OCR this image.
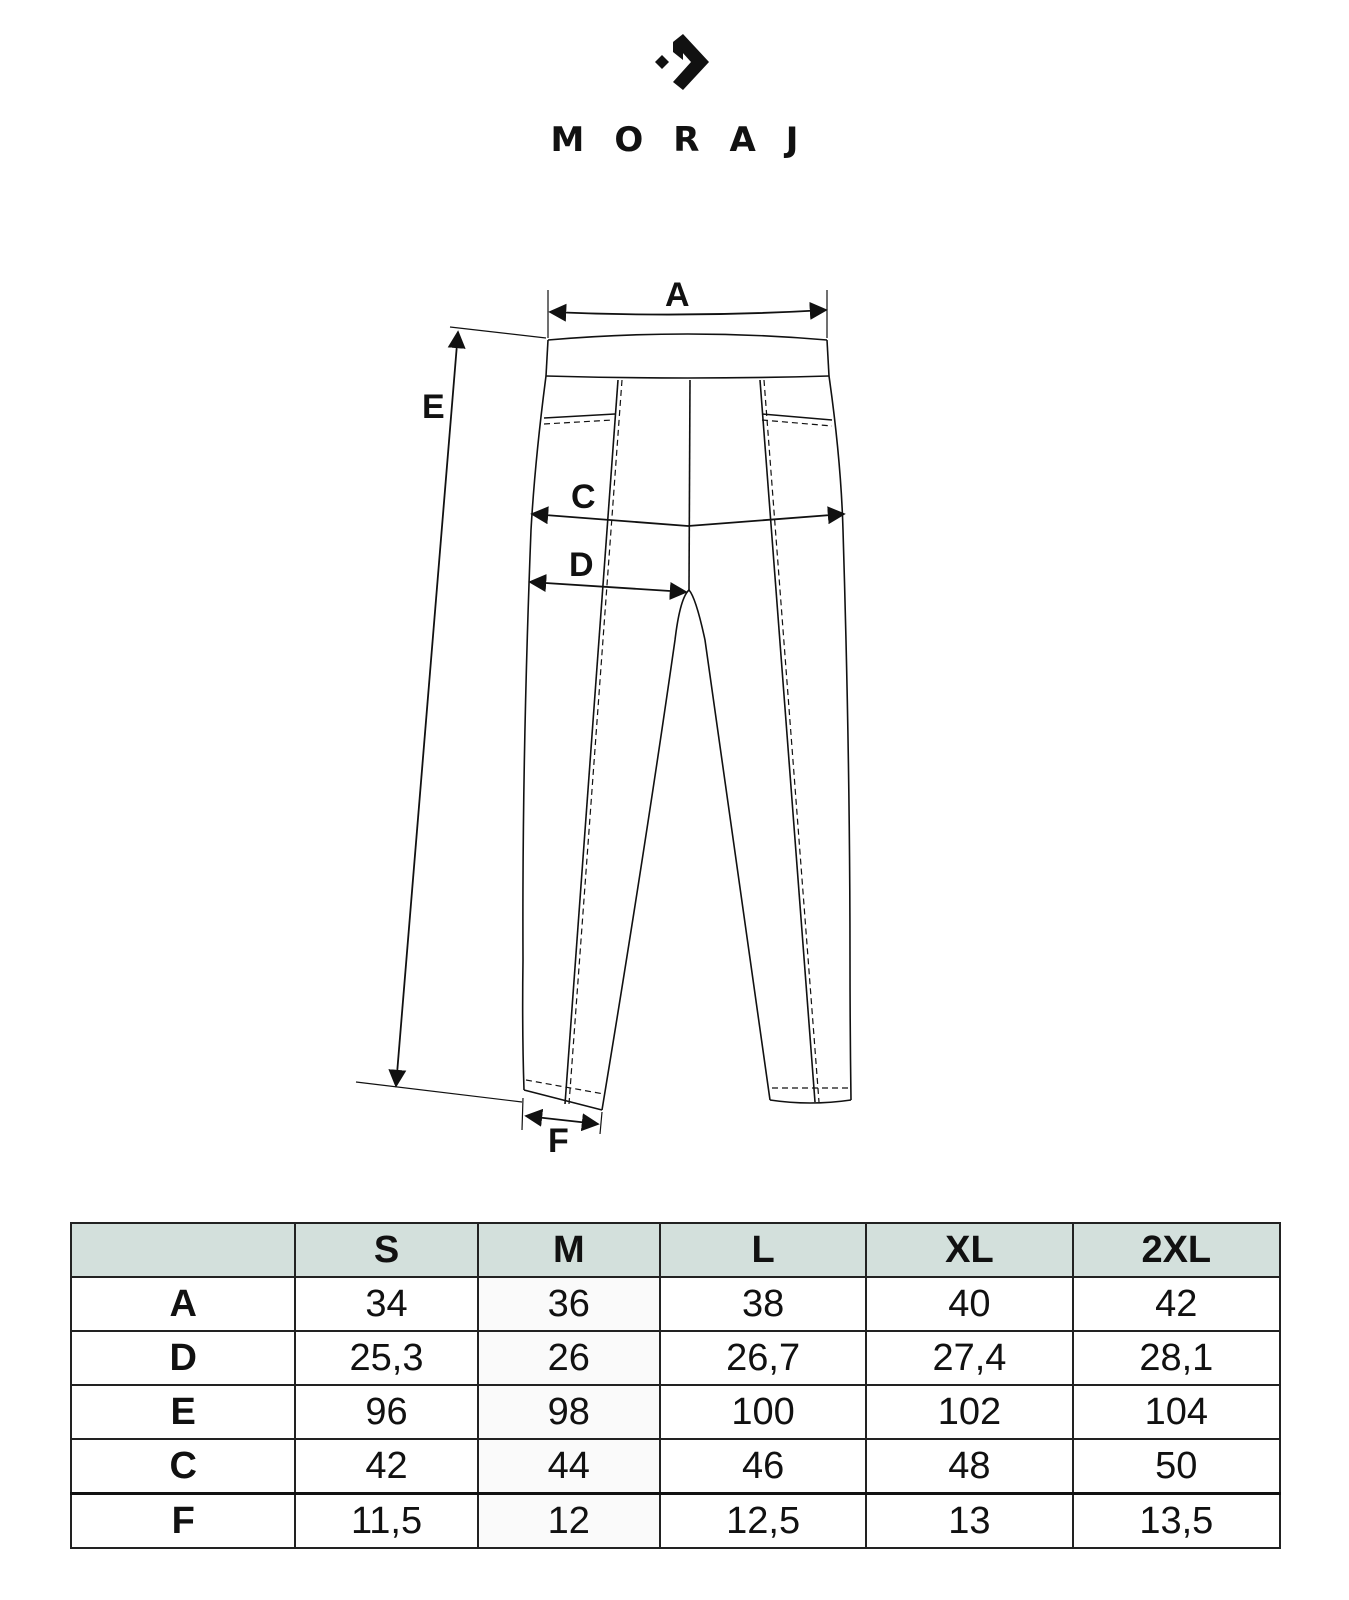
MORAJ
A
C
D
E
F
	S	M	L	XL	2XL
A	34	36	38	40	42
D	25,3	26	26,7	27,4	28,1
E	96	98	100	102	104
C	42	44	46	48	50
F	11,5	12	12,5	13	13,5
